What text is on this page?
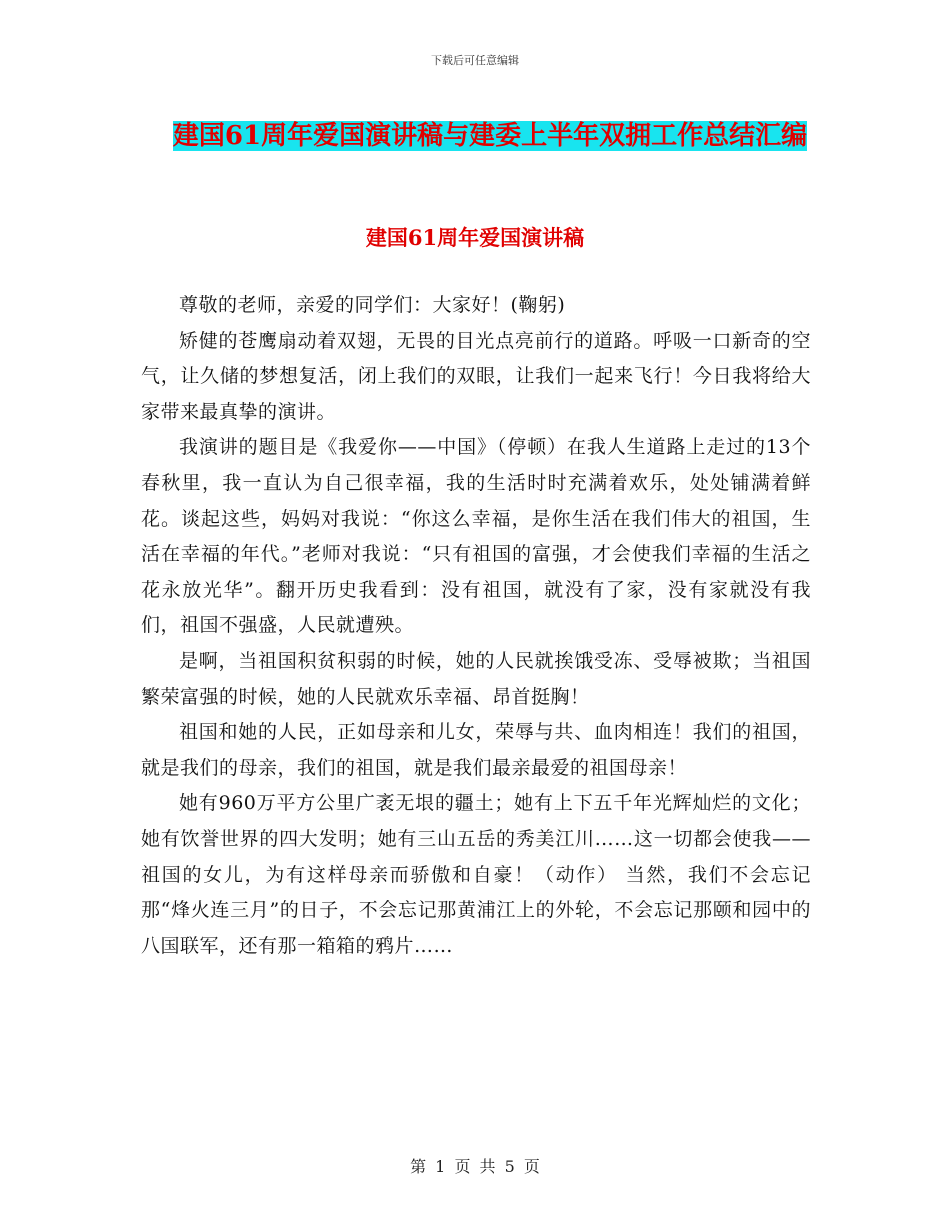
下载后可任意编辑
建国61周年爱国演讲稿与建委上半年双拥工作总结汇编
建国61周年爱国演讲稿

尊敬的老师，亲爱的同学们：大家好！(鞠躬)

矫健的苍鹰扇动着双翅，无畏的目光点亮前行的道路。呼吸一口新奇的空气，让久储的梦想复活，闭上我们的双眼，让我们一起来飞行！今日我将给大家带来最真挚的演讲。

我演讲的题目是《我爱你——中国》（停顿）在我人生道路上走过的13个春秋里，我一直认为自己很幸福，我的生活时时充满着欢乐，处处铺满着鲜花。谈起这些，妈妈对我说：“你这么幸福，是你生活在我们伟大的祖国，生活在幸福的年代。”老师对我说：“只有祖国的富强，才会使我们幸福的生活之花永放光华”。翻开历史我看到：没有祖国，就没有了家，没有家就没有我们，祖国不强盛，人民就遭殃。

是啊，当祖国积贫积弱的时候，她的人民就挨饿受冻、受辱被欺；当祖国繁荣富强的时候，她的人民就欢乐幸福、昂首挺胸！

祖国和她的人民，正如母亲和儿女，荣辱与共、血肉相连！我们的祖国，就是我们的母亲，我们的祖国，就是我们最亲最爱的祖国母亲！

她有960万平方公里广袤无垠的疆土；她有上下五千年光辉灿烂的文化；她有饮誉世界的四大发明；她有三山五岳的秀美江川……这一切都会使我——祖国的女儿，为有这样母亲而骄傲和自豪！（动作） 当然，我们不会忘记那“烽火连三月”的日子，不会忘记那黄浦江上的外轮，不会忘记那颐和园中的八国联军，还有那一箱箱的鸦片……

第 1 页 共 5 页
